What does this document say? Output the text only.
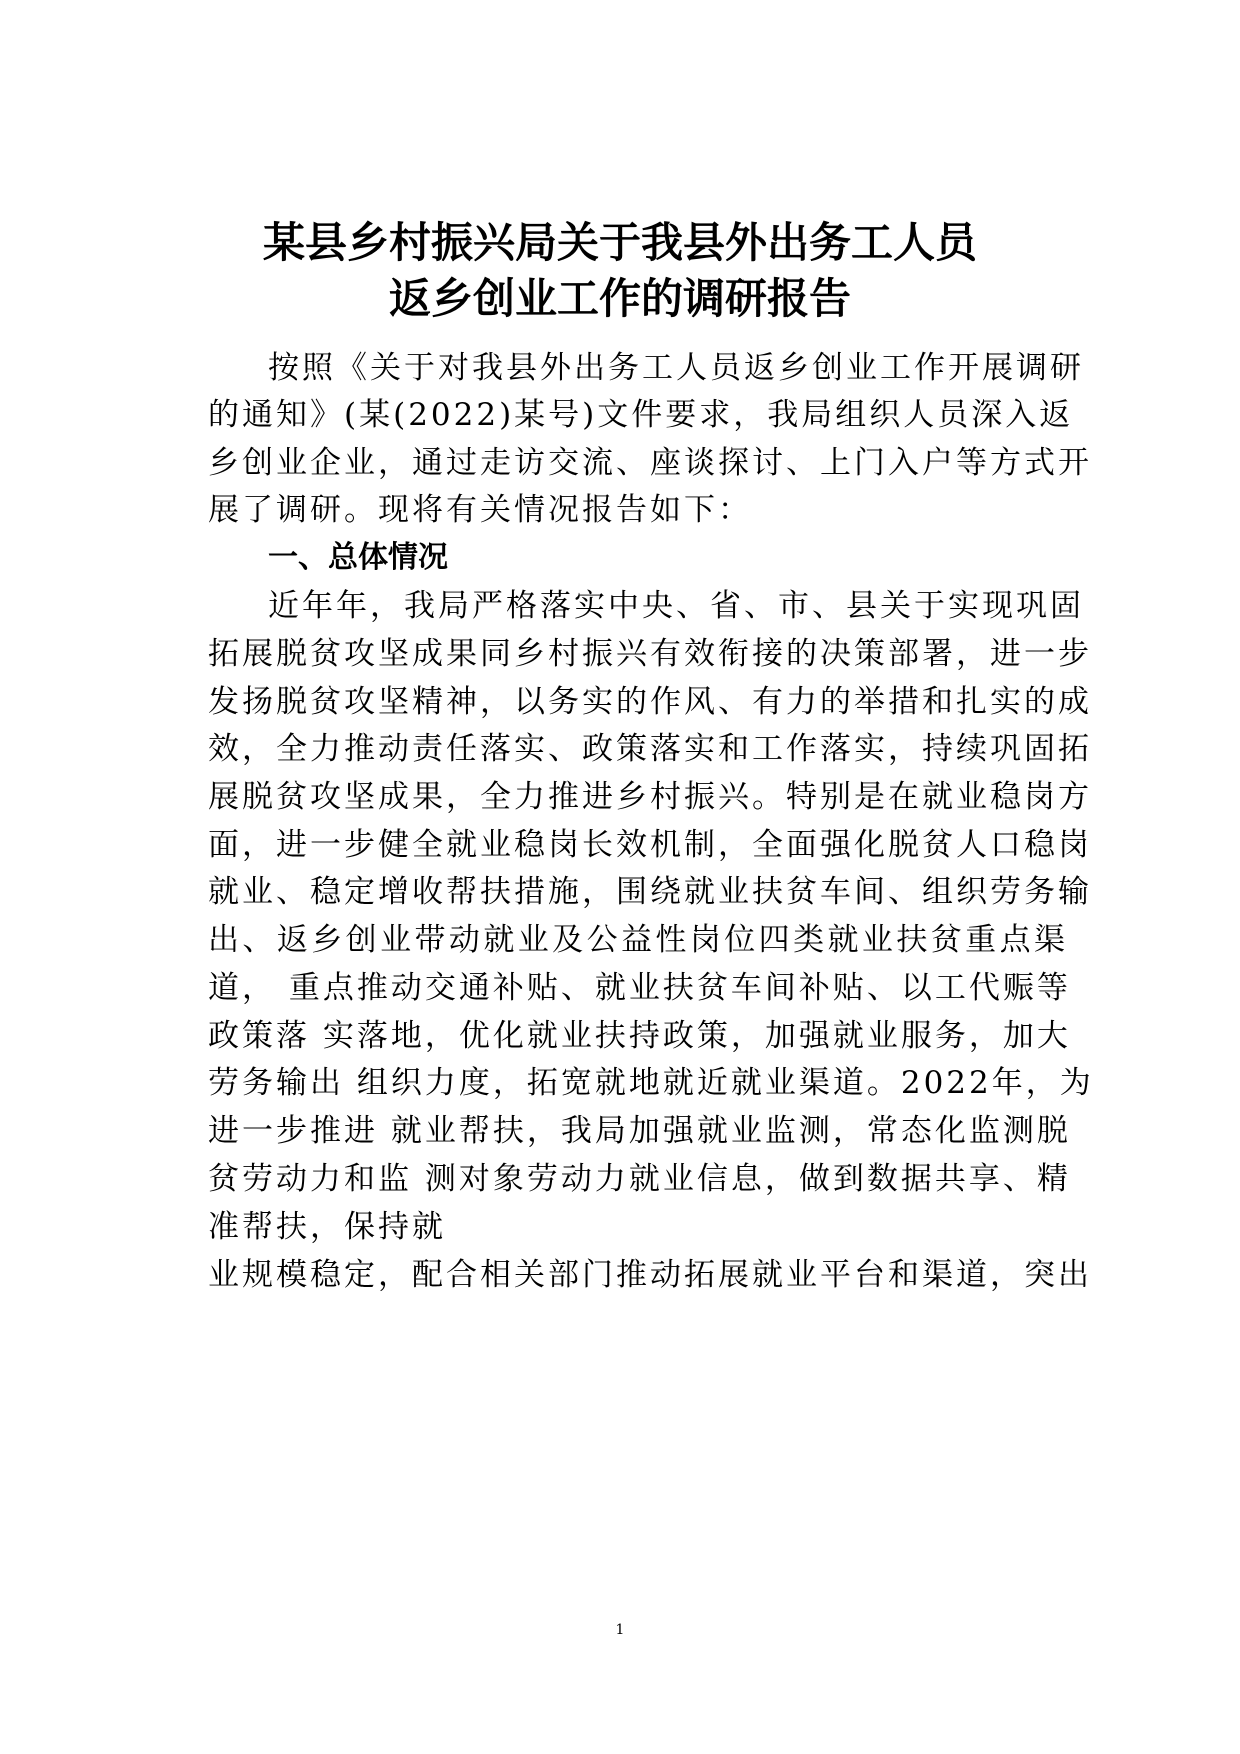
某县乡村振兴局关于我县外出务工人员
返乡创业工作的调研报告
按照《关于对我县外出务工人员返乡创业工作开展调研
的通知》(某(2022)某号)文件要求，我局组织人员深入返
乡创业企业，通过走访交流、座谈探讨、上门入户等方式开
展了调研。现将有关情况报告如下：
一、总体情况
近年年，我局严格落实中央、省、市、县关于实现巩固
拓展脱贫攻坚成果同乡村振兴有效衔接的决策部署，进一步
发扬脱贫攻坚精神，以务实的作风、有力的举措和扎实的成
效，全力推动责任落实、政策落实和工作落实，持续巩固拓
展脱贫攻坚成果，全力推进乡村振兴。特别是在就业稳岗方
面，进一步健全就业稳岗长效机制，全面强化脱贫人口稳岗
就业、稳定增收帮扶措施，围绕就业扶贫车间、组织劳务输
出、返乡创业带动就业及公益性岗位四类就业扶贫重点渠
道， 重点推动交通补贴、就业扶贫车间补贴、以工代赈等
政策落 实落地，优化就业扶持政策，加强就业服务，加大
劳务输出 组织力度，拓宽就地就近就业渠道。2022年，为
进一步推进 就业帮扶，我局加强就业监测，常态化监测脱
贫劳动力和监 测对象劳动力就业信息，做到数据共享、精
准帮扶，保持就
业规模稳定，配合相关部门推动拓展就业平台和渠道，突出
1
